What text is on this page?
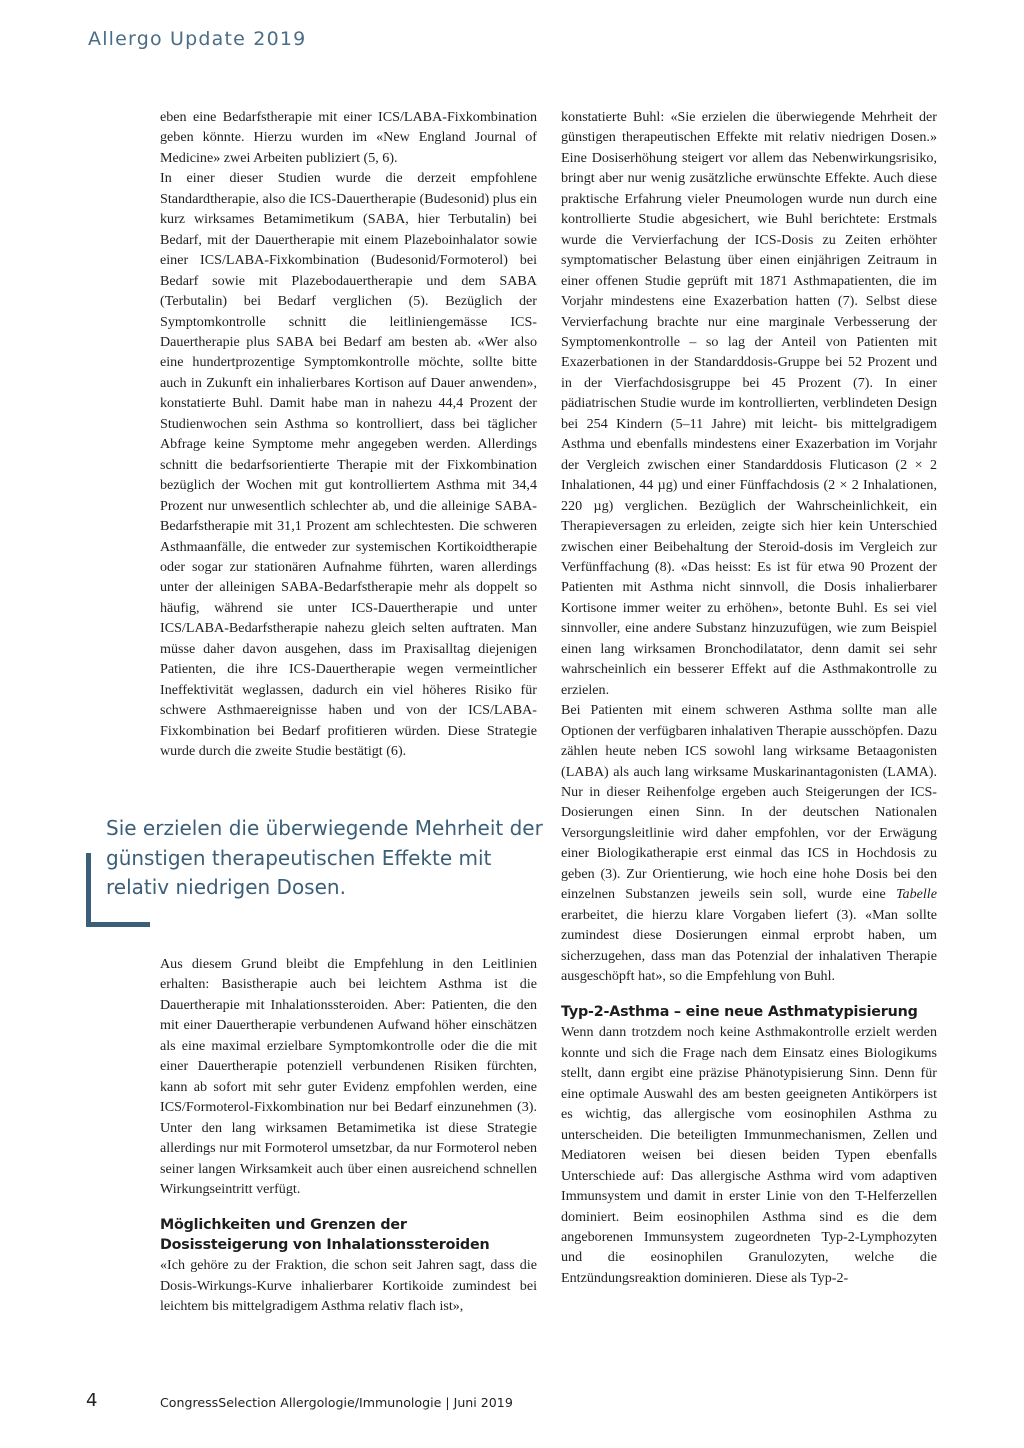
Allergo Update 2019

eben eine Bedarfstherapie mit einer ICS/LABA-Fixkombination geben könnte. Hierzu wurden im «New England Journal of Medicine» zwei Arbeiten publiziert (5, 6).

In einer dieser Studien wurde die derzeit empfohlene Standardtherapie, also die ICS-Dauertherapie (Budesonid) plus ein kurz wirksames Betamimetikum (SABA, hier Terbutalin) bei Bedarf, mit der Dauertherapie mit einem Plazeboinhalator sowie einer ICS/LABA-Fixkombination (Budesonid/Formoterol) bei Bedarf sowie mit Plazebodauertherapie und dem SABA (Terbutalin) bei Bedarf verglichen (5). Bezüglich der Symptomkontrolle schnitt die leitliniengemässe ICS-Dauertherapie plus SABA bei Bedarf am besten ab. «Wer also eine hundertprozentige Symptomkontrolle möchte, sollte bitte auch in Zukunft ein inhalierbares Kortison auf Dauer anwenden», konstatierte Buhl. Damit habe man in nahezu 44,4 Prozent der Studienwochen sein Asthma so kontrolliert, dass bei täglicher Abfrage keine Symptome mehr angegeben werden. Allerdings schnitt die bedarfsorientierte Therapie mit der Fixkombination bezüglich der Wochen mit gut kontrolliertem Asthma mit 34,4 Prozent nur unwesentlich schlechter ab, und die alleinige SABA-Bedarfstherapie mit 31,1 Prozent am schlechtesten. Die schweren Asthmaanfälle, die entweder zur systemischen Kortikoidtherapie oder sogar zur stationären Aufnahme führten, waren allerdings unter der alleinigen SABA-Bedarfstherapie mehr als doppelt so häufig, während sie unter ICS-Dauertherapie und unter ICS/LABA-Bedarfstherapie nahezu gleich selten auftraten. Man müsse daher davon ausgehen, dass im Praxisalltag diejenigen Patienten, die ihre ICS-Dauertherapie wegen vermeintlicher Ineffektivität weglassen, dadurch ein viel höheres Risiko für schwere Asthmaereignisse haben und von der ICS/LABA-Fixkombination bei Bedarf profitieren würden. Diese Strategie wurde durch die zweite Studie bestätigt (6).

Sie erzielen die überwiegende Mehrheit der günstigen therapeutischen Effekte mit relativ niedrigen Dosen.

Aus diesem Grund bleibt die Empfehlung in den Leitlinien erhalten: Basistherapie auch bei leichtem Asthma ist die Dauertherapie mit Inhalationssteroiden. Aber: Patienten, die den mit einer Dauertherapie verbundenen Aufwand höher einschätzen als eine maximal erzielbare Symptomkontrolle oder die die mit einer Dauertherapie potenziell verbundenen Risiken fürchten, kann ab sofort mit sehr guter Evidenz empfohlen werden, eine ICS/Formoterol-Fixkombination nur bei Bedarf einzunehmen (3). Unter den lang wirksamen Betamimetika ist diese Strategie allerdings nur mit Formoterol umsetzbar, da nur Formoterol neben seiner langen Wirksamkeit auch über einen ausreichend schnellen Wirkungseintritt verfügt.

Möglichkeiten und Grenzen der Dosissteigerung von Inhalationssteroiden

«Ich gehöre zu der Fraktion, die schon seit Jahren sagt, dass die Dosis-Wirkungs-Kurve inhalierbarer Kortikoide zumindest bei leichtem bis mittelgradigem Asthma relativ flach ist»,

konstatierte Buhl: «Sie erzielen die überwiegende Mehrheit der günstigen therapeutischen Effekte mit relativ niedrigen Dosen.» Eine Dosiserhöhung steigert vor allem das Nebenwirkungsrisiko, bringt aber nur wenig zusätzliche erwünschte Effekte. Auch diese praktische Erfahrung vieler Pneumologen wurde nun durch eine kontrollierte Studie abgesichert, wie Buhl berichtete: Erstmals wurde die Vervierfachung der ICS-Dosis zu Zeiten erhöhter symptomatischer Belastung über einen einjährigen Zeitraum in einer offenen Studie geprüft mit 1871 Asthmapatienten, die im Vorjahr mindestens eine Exazerbation hatten (7). Selbst diese Vervierfachung brachte nur eine marginale Verbesserung der Symptomenkontrolle – so lag der Anteil von Patienten mit Exazerbationen in der Standarddosis-Gruppe bei 52 Prozent und in der Vierfachdosisgruppe bei 45 Prozent (7). In einer pädiatrischen Studie wurde im kontrollierten, verblindeten Design bei 254 Kindern (5–11 Jahre) mit leicht- bis mittelgradigem Asthma und ebenfalls mindestens einer Exazerbation im Vorjahr der Vergleich zwischen einer Standarddosis Fluticason (2 × 2 Inhalationen, 44 µg) und einer Fünffachdosis (2 × 2 Inhalationen, 220 µg) verglichen. Bezüglich der Wahrscheinlichkeit, ein Therapieversagen zu erleiden, zeigte sich hier kein Unterschied zwischen einer Beibehaltung der Steroid-dosis im Vergleich zur Verfünffachung (8). «Das heisst: Es ist für etwa 90 Prozent der Patienten mit Asthma nicht sinnvoll, die Dosis inhalierbarer Kortisone immer weiter zu erhöhen», betonte Buhl. Es sei viel sinnvoller, eine andere Substanz hinzuzufügen, wie zum Beispiel einen lang wirksamen Bronchodilatator, denn damit sei sehr wahrscheinlich ein besserer Effekt auf die Asthmakontrolle zu erzielen.

Bei Patienten mit einem schweren Asthma sollte man alle Optionen der verfügbaren inhalativen Therapie ausschöpfen. Dazu zählen heute neben ICS sowohl lang wirksame Betaagonisten (LABA) als auch lang wirksame Muskarinantagonisten (LAMA). Nur in dieser Reihenfolge ergeben auch Steigerungen der ICS-Dosierungen einen Sinn. In der deutschen Nationalen Versorgungsleitlinie wird daher empfohlen, vor der Erwägung einer Biologikatherapie erst einmal das ICS in Hochdosis zu geben (3). Zur Orientierung, wie hoch eine hohe Dosis bei den einzelnen Substanzen jeweils sein soll, wurde eine Tabelle erarbeitet, die hierzu klare Vorgaben liefert (3). «Man sollte zumindest diese Dosierungen einmal erprobt haben, um sicherzugehen, dass man das Potenzial der inhalativen Therapie ausgeschöpft hat», so die Empfehlung von Buhl.

Typ-2-Asthma – eine neue Asthmatypisierung

Wenn dann trotzdem noch keine Asthmakontrolle erzielt werden konnte und sich die Frage nach dem Einsatz eines Biologikums stellt, dann ergibt eine präzise Phänotypisierung Sinn. Denn für eine optimale Auswahl des am besten geeigneten Antikörpers ist es wichtig, das allergische vom eosinophilen Asthma zu unterscheiden. Die beteiligten Immunmechanismen, Zellen und Mediatoren weisen bei diesen beiden Typen ebenfalls Unterschiede auf: Das allergische Asthma wird vom adaptiven Immunsystem und damit in erster Linie von den T-Helferzellen dominiert. Beim eosinophilen Asthma sind es die dem angeborenen Immunsystem zugeordneten Typ-2-Lymphozyten und die eosinophilen Granulozyten, welche die Entzündungsreaktion dominieren. Diese als Typ-2-

4	CongressSelection Allergologie/Immunologie | Juni 2019
